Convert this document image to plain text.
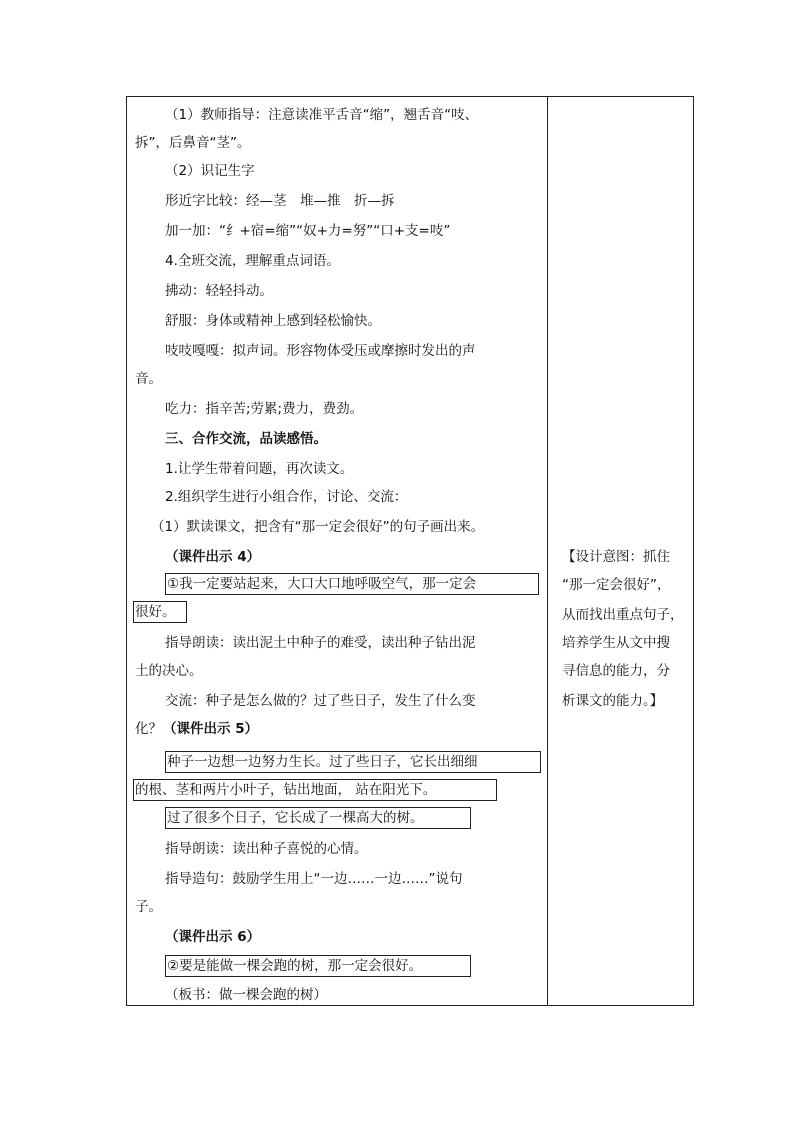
（1）教师指导：注意读准平舌音“缩”，翘舌音“吱、
拆”，后鼻音“茎”。
（2）识记生字
形近字比较：经—茎　堆—推　折—拆
加一加：“纟+宿=缩”“奴+力=努”“口+支=吱”
4.全班交流，理解重点词语。
拂动：轻轻抖动。
舒服：身体或精神上感到轻松愉快。
吱吱嘎嘎：拟声词。形容物体受压或摩擦时发出的声
音。
吃力：指辛苦;劳累;费力，费劲。
三、合作交流，品读感悟。
1.让学生带着问题，再次读文。
2.组织学生进行小组合作，讨论、交流：
（1）默读课文，把含有“那一定会很好”的句子画出来。
（课件出示 4）
①我一定要站起来，大口大口地呼吸空气，那一定会
很好。
指导朗读：读出泥土中种子的难受，读出种子钻出泥
土的决心。
交流：种子是怎么做的？过了些日子，发生了什么变
化？ （课件出示 5）
种子一边想一边努力生长。过了些日子，它长出细细
的根、茎和两片小叶子，钻出地面， 站在阳光下。
过了很多个日子，它长成了一棵高大的树。
指导朗读：读出种子喜悦的心情。
指导造句：鼓励学生用上“一边……一边……”说句
子。
（课件出示 6）
②要是能做一棵会跑的树，那一定会很好。
（板书：做一棵会跑的树）
【设计意图：抓住
“那一定会很好”，
从而找出重点句子，
培养学生从文中搜
寻信息的能力，分
析课文的能力。】
